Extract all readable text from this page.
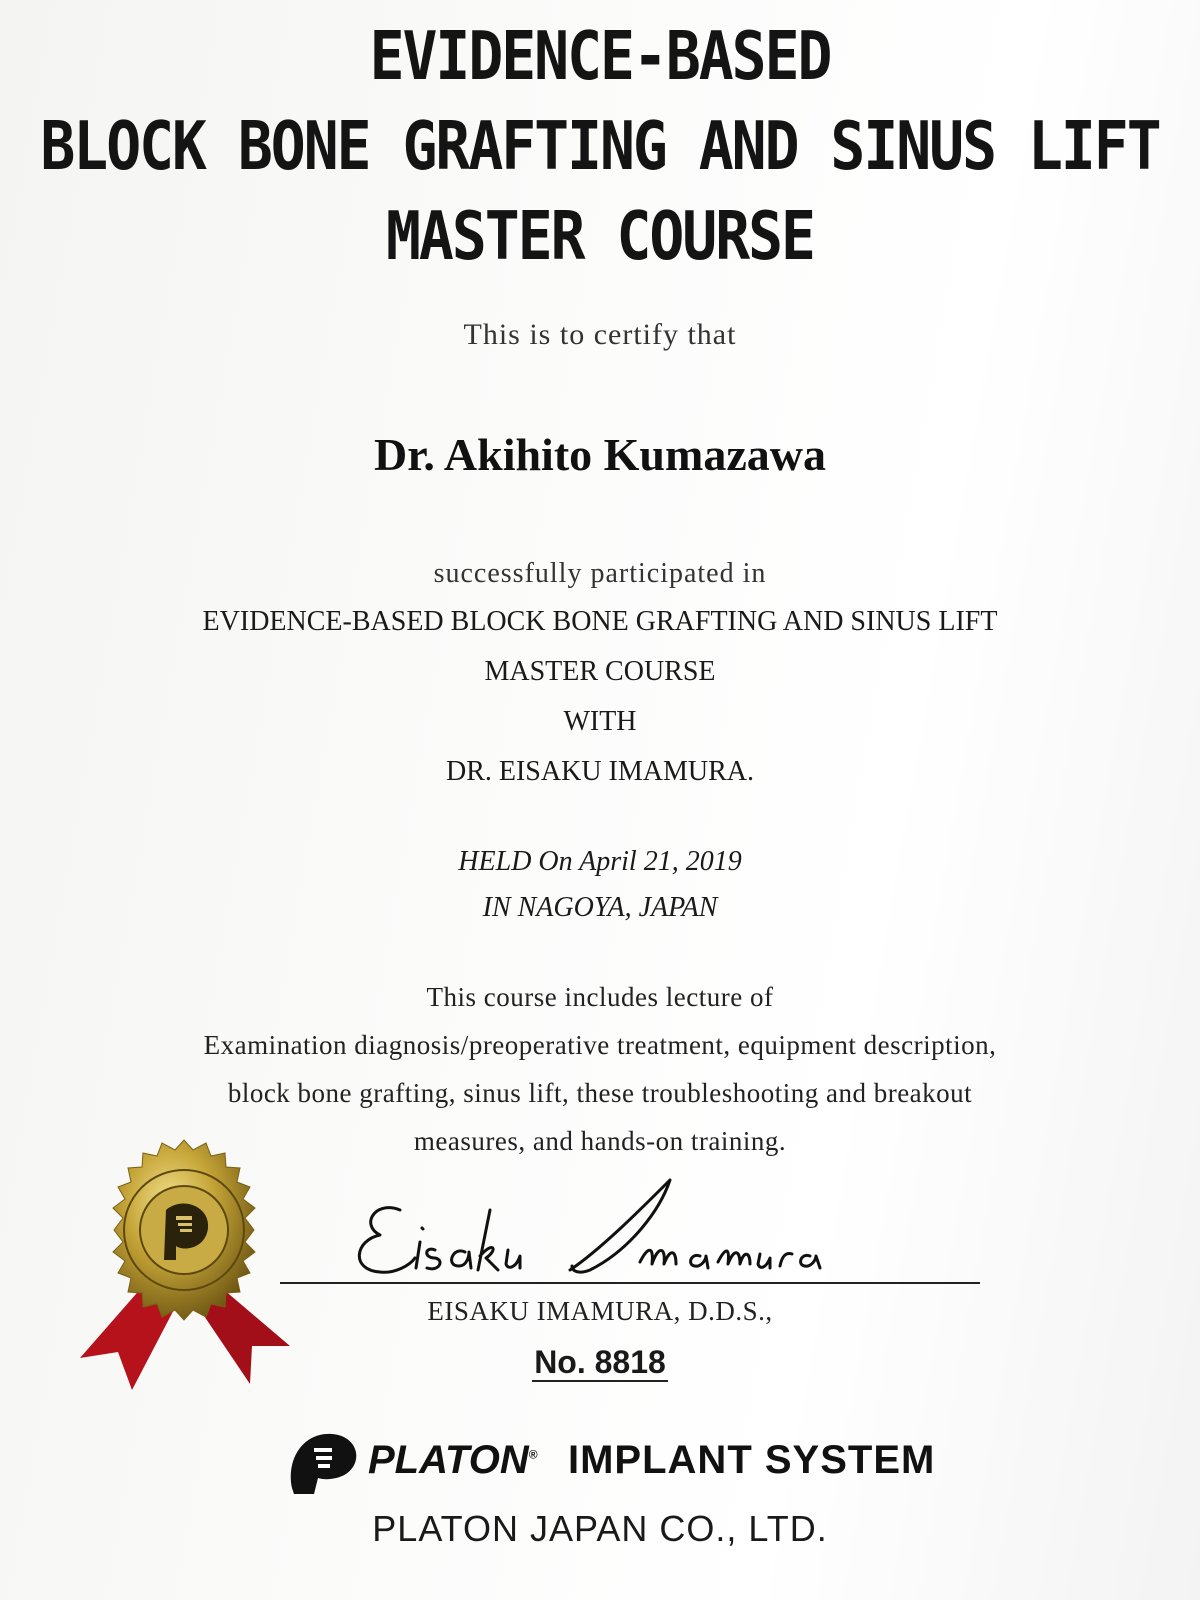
EVIDENCE-BASED
BLOCK BONE GRAFTING AND SINUS LIFT
MASTER COURSE
This is to certify that
Dr. Akihito Kumazawa
successfully participated in
EVIDENCE-BASED BLOCK BONE GRAFTING AND SINUS LIFT
MASTER COURSE
WITH
DR. EISAKU IMAMURA.
HELD On April 21, 2019
IN NAGOYA, JAPAN
This course includes lecture of
Examination diagnosis/preoperative treatment, equipment description,
block bone grafting, sinus lift, these troubleshooting and breakout
measures, and hands-on training.
EISAKU IMAMURA, D.D.S.,
No. 8818
PLATON® IMPLANT SYSTEM
PLATON JAPAN CO., LTD.
